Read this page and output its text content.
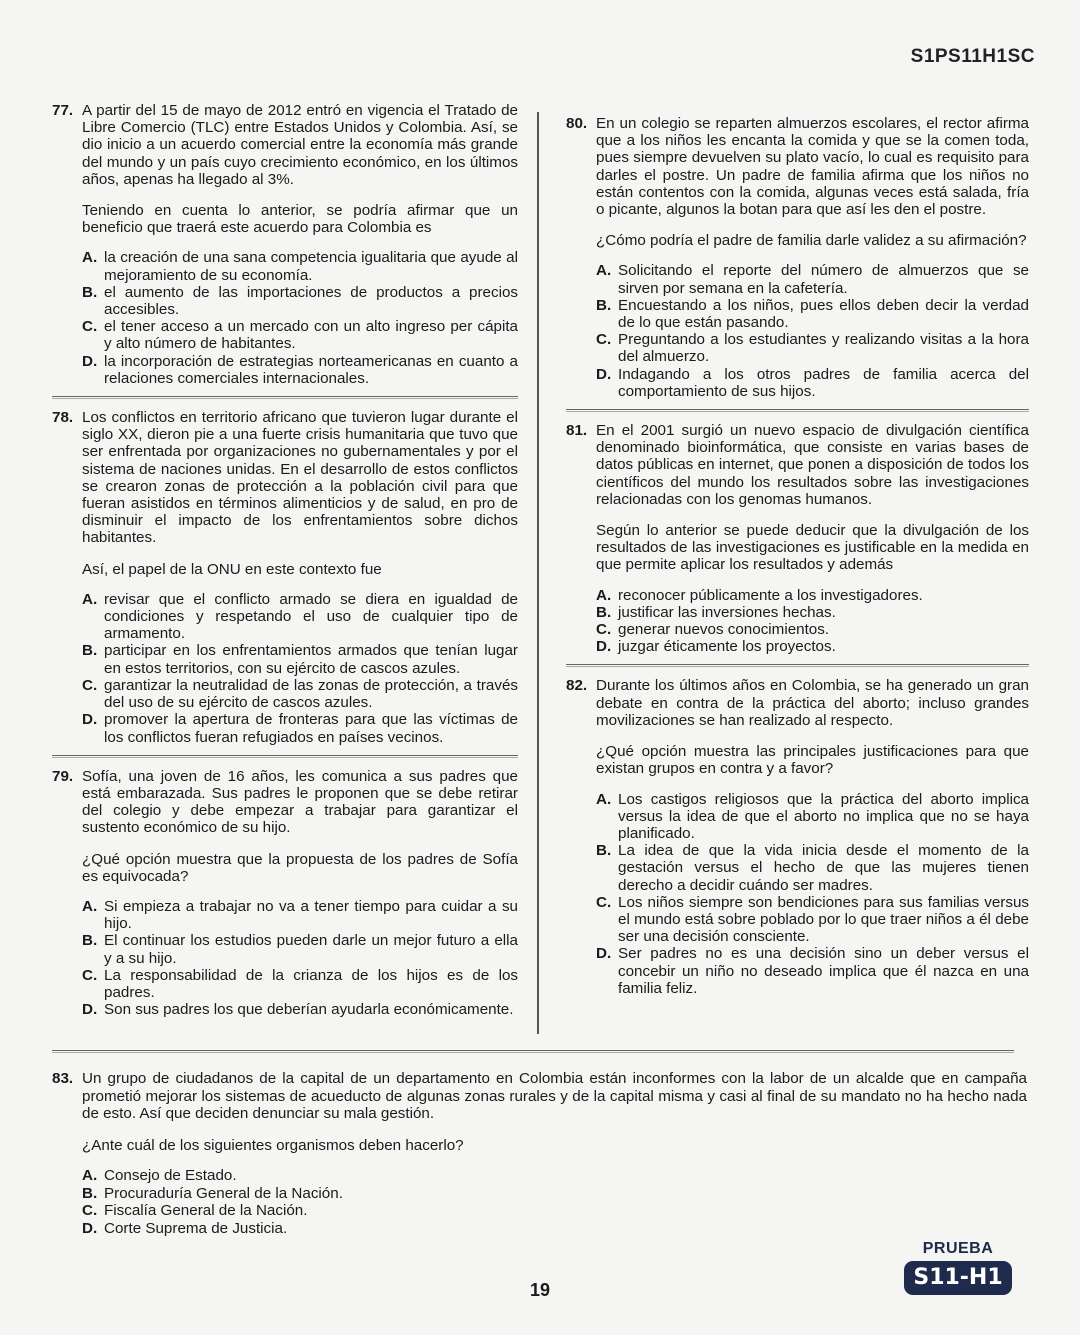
S1PS11H1SC
77. A partir del 15 de mayo de 2012 entró en vigencia el Tratado de Libre Comercio (TLC) entre Estados Unidos y Colombia. Así, se dio inicio a un acuerdo comercial entre la economía más grande del mundo y un país cuyo crecimiento económico, en los últimos años, apenas ha llegado al 3%.

Teniendo en cuenta lo anterior, se podría afirmar que un beneficio que traerá este acuerdo para Colombia es

A. la creación de una sana competencia igualitaria que ayude al mejoramiento de su economía.
B. el aumento de las importaciones de productos a precios accesibles.
C. el tener acceso a un mercado con un alto ingreso per cápita y alto número de habitantes.
D. la incorporación de estrategias norteamericanas en cuanto a relaciones comerciales internacionales.
78. Los conflictos en territorio africano que tuvieron lugar durante el siglo XX, dieron pie a una fuerte crisis humanitaria que tuvo que ser enfrentada por organizaciones no gubernamentales y por el sistema de naciones unidas. En el desarrollo de estos conflictos se crearon zonas de protección a la población civil para que fueran asistidos en términos alimenticios y de salud, en pro de disminuir el impacto de los enfrentamientos sobre dichos habitantes.

Así, el papel de la ONU en este contexto fue

A. revisar que el conflicto armado se diera en igualdad de condiciones y respetando el uso de cualquier tipo de armamento.
B. participar en los enfrentamientos armados que tenían lugar en estos territorios, con su ejército de cascos azules.
C. garantizar la neutralidad de las zonas de protección, a través del uso de su ejército de cascos azules.
D. promover la apertura de fronteras para que las víctimas de los conflictos fueran refugiados en países vecinos.
79. Sofía, una joven de 16 años, les comunica a sus padres que está embarazada. Sus padres le proponen que se debe retirar del colegio y debe empezar a trabajar para garantizar el sustento económico de su hijo.

¿Qué opción muestra que la propuesta de los padres de Sofía es equivocada?

A. Si empieza a trabajar no va a tener tiempo para cuidar a su hijo.
B. El continuar los estudios pueden darle un mejor futuro a ella y a su hijo.
C. La responsabilidad de la crianza de los hijos es de los padres.
D. Son sus padres los que deberían ayudarla económicamente.
80. En un colegio se reparten almuerzos escolares, el rector afirma que a los niños les encanta la comida y que se la comen toda, pues siempre devuelven su plato vacío, lo cual es requisito para darles el postre. Un padre de familia afirma que los niños no están contentos con la comida, algunas veces está salada, fría o picante, algunos la botan para que así les den el postre.

¿Cómo podría el padre de familia darle validez a su afirmación?

A. Solicitando el reporte del número de almuerzos que se sirven por semana en la cafetería.
B. Encuestando a los niños, pues ellos deben decir la verdad de lo que están pasando.
C. Preguntando a los estudiantes y realizando visitas a la hora del almuerzo.
D. Indagando a los otros padres de familia acerca del comportamiento de sus hijos.
81. En el 2001 surgió un nuevo espacio de divulgación científica denominado bioinformática, que consiste en varias bases de datos públicas en internet, que ponen a disposición de todos los científicos del mundo los resultados sobre las investigaciones relacionadas con los genomas humanos.

Según lo anterior se puede deducir que la divulgación de los resultados de las investigaciones es justificable en la medida en que permite aplicar los resultados y además

A. reconocer públicamente a los investigadores.
B. justificar las inversiones hechas.
C. generar nuevos conocimientos.
D. juzgar éticamente los proyectos.
82. Durante los últimos años en Colombia, se ha generado un gran debate en contra de la práctica del aborto; incluso grandes movilizaciones se han realizado al respecto.

¿Qué opción muestra las principales justificaciones para que existan grupos en contra y a favor?

A. Los castigos religiosos que la práctica del aborto implica versus la idea de que el aborto no implica que no se haya planificado.
B. La idea de que la vida inicia desde el momento de la gestación versus el hecho de que las mujeres tienen derecho a decidir cuándo ser madres.
C. Los niños siempre son bendiciones para sus familias versus el mundo está sobre poblado por lo que traer niños a él debe ser una decisión consciente.
D. Ser padres no es una decisión sino un deber versus el concebir un niño no deseado implica que él nazca en una familia feliz.
83. Un grupo de ciudadanos de la capital de un departamento en Colombia están inconformes con la labor de un alcalde que en campaña prometió mejorar los sistemas de acueducto de algunas zonas rurales y de la capital misma y casi al final de su mandato no ha hecho nada de esto. Así que deciden denunciar su mala gestión.

¿Ante cuál de los siguientes organismos deben hacerlo?

A. Consejo de Estado.
B. Procuraduría General de la Nación.
C. Fiscalía General de la Nación.
D. Corte Suprema de Justicia.
19
PRUEBA
S11-H1
